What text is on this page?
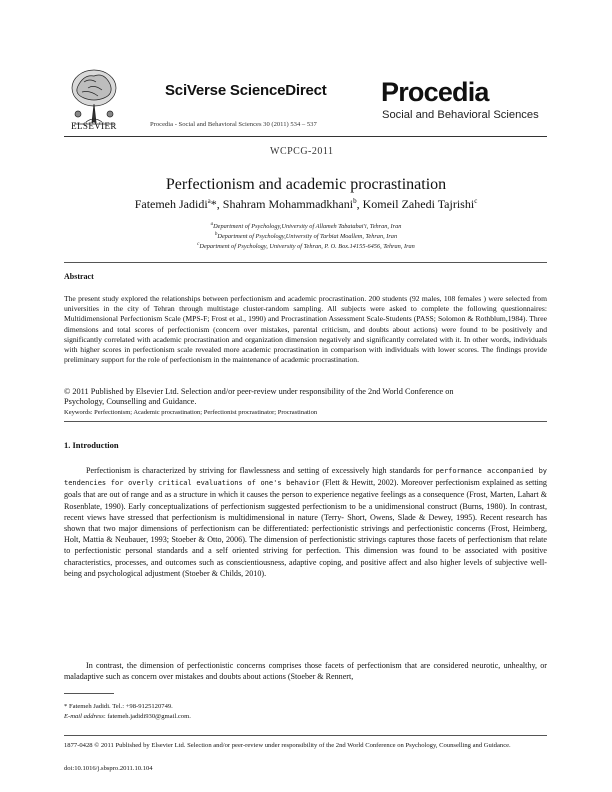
ELSEVIER
SciVerse ScienceDirect
Procedia - Social and Behavioral Sciences 30 (2011) 534 – 537
Procedia
Social and Behavioral Sciences
WCPCG-2011
Perfectionism and academic procrastination
Fatemeh Jadidi$^a$*, Shahram Mohammadkhani$^b$, Komeil Zahedi Tajrishi$^c$
$^a$Department of Psychology,University of Allameh Tabatabai'i, Tehran, Iran
$^b$Department of Psychology,University of Tarbiat Moallem, Tehran, Iran
$^c$Department of Psychology, University of Tehran, P. O. Box.14155-6456, Tehran, Iran
Abstract
The present study explored the relationships between perfectionism and academic procrastination. 200 students (92 males, 108 females ) were selected from universities in the city of Tehran through multistage cluster-random sampling. All subjects were asked to complete the following questionnaires: Multidimensional Perfectionism Scale (MPS-F; Frost et al., 1990) and Procrastination Assessment Scale-Students (PASS; Solomon & Rothblum,1984). Three dimensions and total scores of perfectionism (concern over mistakes, parental criticism, and doubts about actions) were found to be positively and significantly correlated with academic procrastination and organization dimension negatively and significantly correlated with it. In other words, individuals with higher scores in perfectionism scale revealed more academic procrastination in comparison with individuals with lower scores. The findings provide preliminary support for the role of perfectionism in the maintenance of academic procrastination.
© 2011 Published by Elsevier Ltd. Selection and/or peer-review under responsibility of the 2nd World Conference on Psychology, Counselling and Guidance.
Keywords: Perfectionism; Academic procrastination; Perfectionist procrastinator; Procrastination
1. Introduction
Perfectionism is characterized by striving for flawlessness and setting of excessively high standards for performance accompanied by tendencies for overly critical evaluations of one's behavior (Flett & Hewitt, 2002). Moreover perfectionism explained as setting goals that are out of range and as a structure in which it causes the person to experience negative feelings as a consequence (Frost, Marten, Lahart & Rosenblate, 1990). Early conceptualizations of perfectionism suggested perfectionism to be a unidimensional construct (Burns, 1980). In contrast, recent views have stressed that perfectionism is multidimensional in nature (Terry- Short, Owens, Slade & Dewey, 1995). Recent research has shown that two major dimensions of perfectionism can be differentiated: perfectionistic strivings and perfectionistic concerns (Frost, Heimberg, Holt, Mattia & Neubauer, 1993; Stoeber & Otto, 2006). The dimension of perfectionistic strivings captures those facets of perfectionism that relate to perfectionistic personal standards and a self oriented striving for perfection. This dimension was found to be associated with positive characteristics, processes, and outcomes such as conscientiousness, adaptive coping, and positive affect and also higher levels of subjective well-being and psychological adjustment (Stoeber & Childs, 2010).
In contrast, the dimension of perfectionistic concerns comprises those facets of perfectionism that are considered neurotic, unhealthy, or maladaptive such as concern over mistakes and doubts about actions (Stoeber & Rennert,
* Fatemeh Jadidi. Tel.: +98-9125120749.
E-mail address: fatemeh.jadidi930@gmail.com.
1877-0428 © 2011 Published by Elsevier Ltd. Selection and/or peer-review under responsibility of the 2nd World Conference on Psychology, Counselling and Guidance.
doi:10.1016/j.sbspro.2011.10.104
